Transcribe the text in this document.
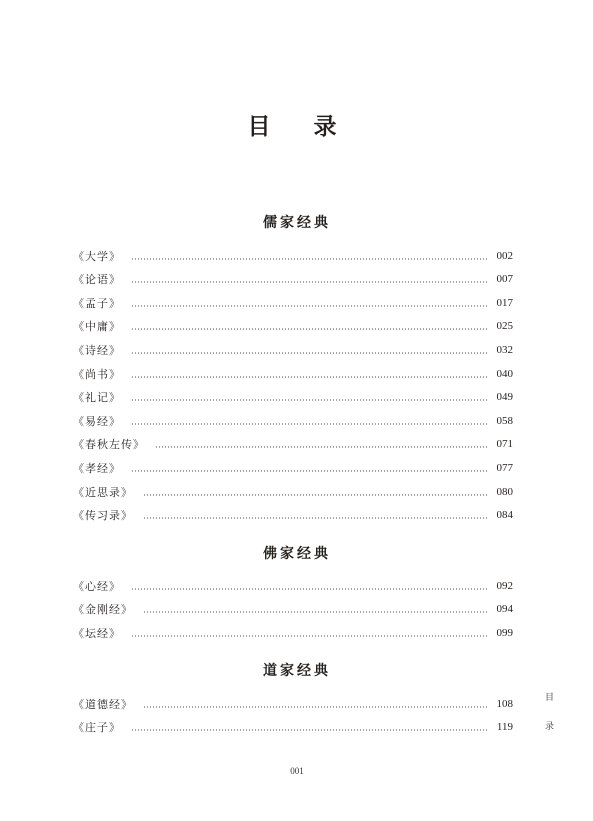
目　录
儒家经典
《大学》	002
《论语》	007
《孟子》	017
《中庸》	025
《诗经》	032
《尚书》	040
《礼记》	049
《易经》	058
《春秋左传》	071
《孝经》	077
《近思录》	080
《传习录》	084
佛家经典
《心经》	092
《金刚经》	094
《坛经》	099
道家经典
《道德经》	108
《庄子》	119
目
录
001
